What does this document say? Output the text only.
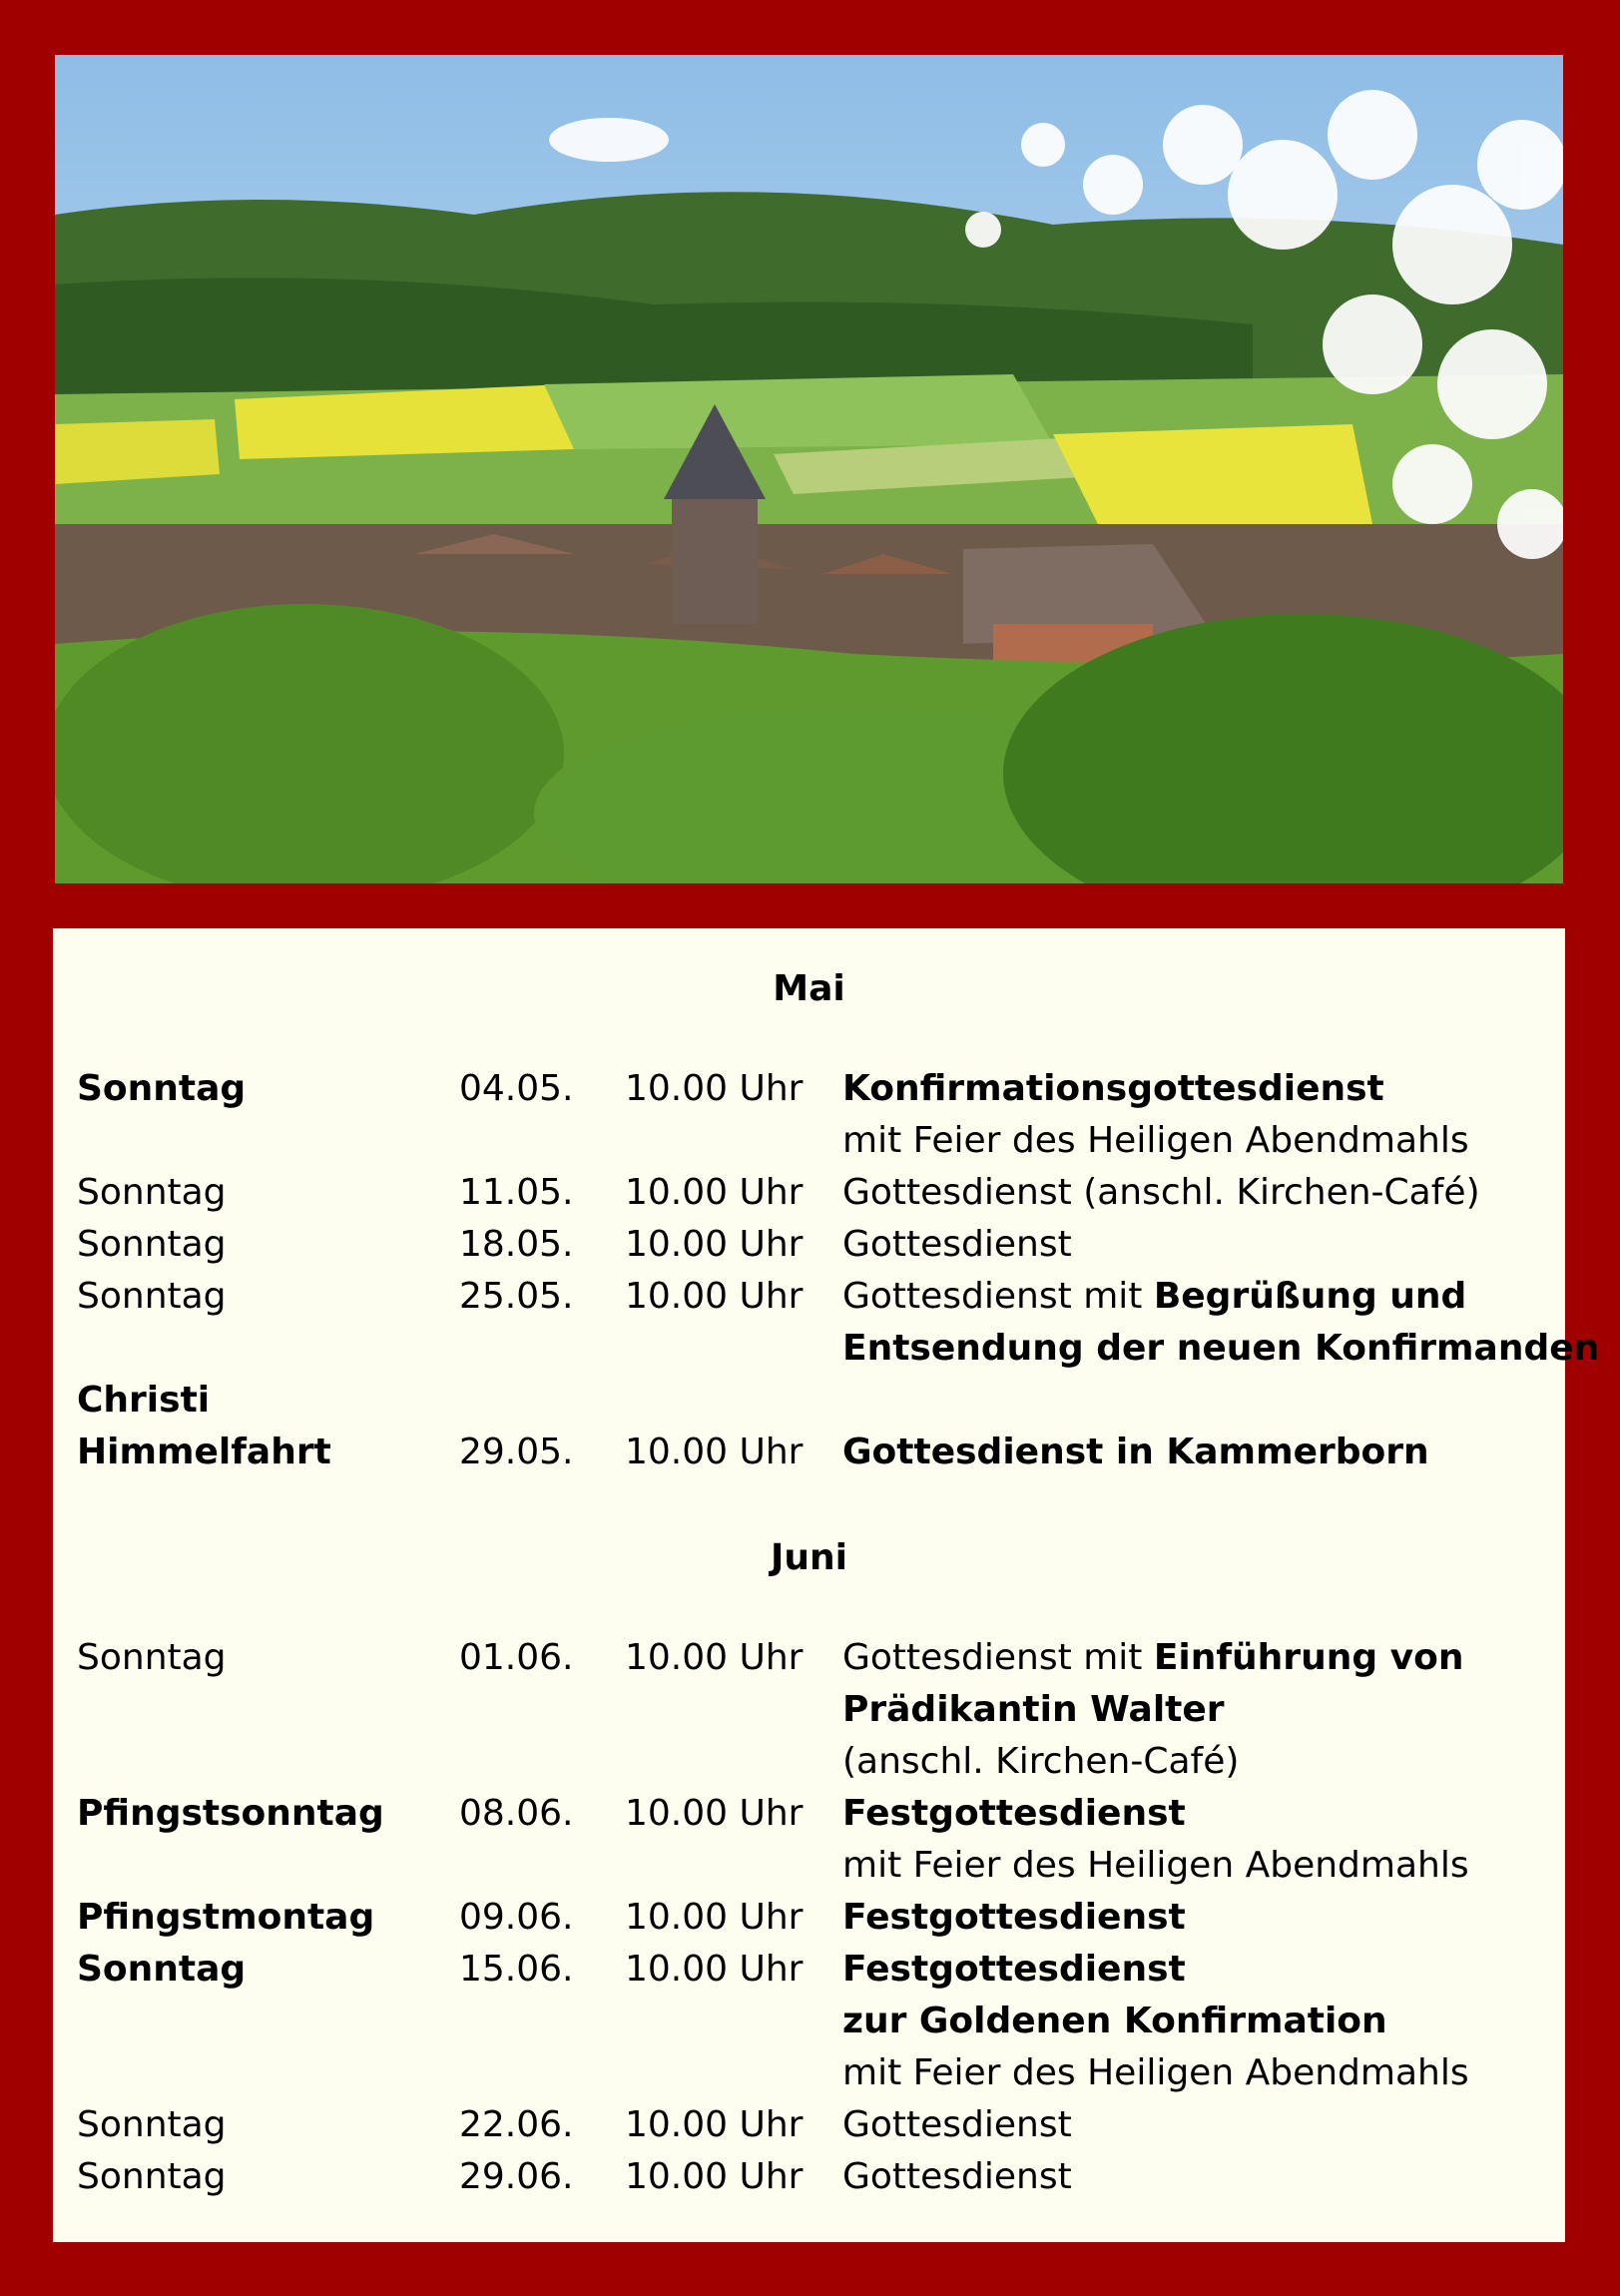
Mai
Sonntag	04.05. 10.00 Uhr Konfirmationsgottesdienst
mit Feier des Heiligen Abendmahls
Sonntag	11.05. 10.00 Uhr Gottesdienst (anschl. Kirchen-Café)
Sonntag	18.05. 10.00 Uhr Gottesdienst
Sonntag	25.05. 10.00 Uhr Gottesdienst mit Begrüßung und
Entsendung der neuen Konfirmanden
Christi
Himmelfahrt	29.05. 10.00 Uhr Gottesdienst in Kammerborn
Juni
Sonntag	01.06. 10.00 Uhr Gottesdienst mit Einführung von
Prädikantin Walter
(anschl. Kirchen-Café)
Pfingstsonntag 08.06. 10.00 Uhr Festgottesdienst
mit Feier des Heiligen Abendmahls
Pfingstmontag 09.06. 10.00 Uhr Festgottesdienst
Sonntag	15.06. 10.00 Uhr Festgottesdienst
zur Goldenen Konfirmation
mit Feier des Heiligen Abendmahls
Sonntag	22.06. 10.00 Uhr Gottesdienst
Sonntag	29.06. 10.00 Uhr Gottesdienst
